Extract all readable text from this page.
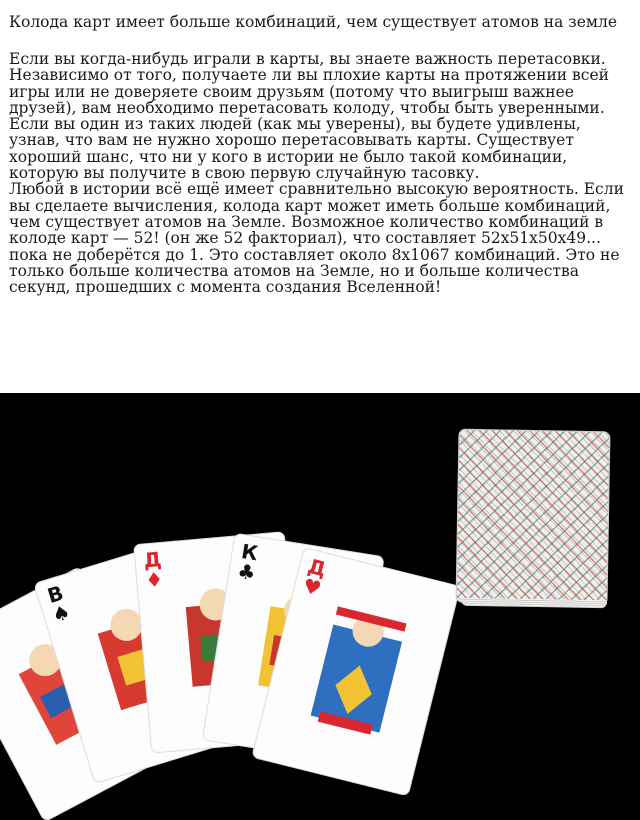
Колода карт имеет больше комбинаций, чем существует атомов на земле

Если вы когда-нибудь играли в карты, вы знаете важность перетасовки. Независимо от того, получаете ли вы плохие карты на протяжении всей игры или не доверяете своим друзьям (потому что выигрыш важнее друзей), вам необходимо перетасовать колоду, чтобы быть уверенными.

Если вы один из таких людей (как мы уверены), вы будете удивлены, узнав, что вам не нужно хорошо перетасовывать карты. Существует хороший шанс, что ни у кого в истории не было такой комбинации, которую вы получите в свою первую случайную тасовку.

Любой в истории всё ещё имеет сравнительно высокую вероятность. Если вы сделаете вычисления, колода карт может иметь больше комбинаций, чем существует атомов на Земле. Возможное количество комбинаций в колоде карт — 52! (он же 52 факториал), что составляет 52x51x50x49... пока не доберётся до 1. Это составляет около 8x1067 комбинаций. Это не только больше количества атомов на Земле, но и больше количества секунд, прошедших с момента создания Вселенной!

В
♠
Д
♦
К
♣ Д
♥
